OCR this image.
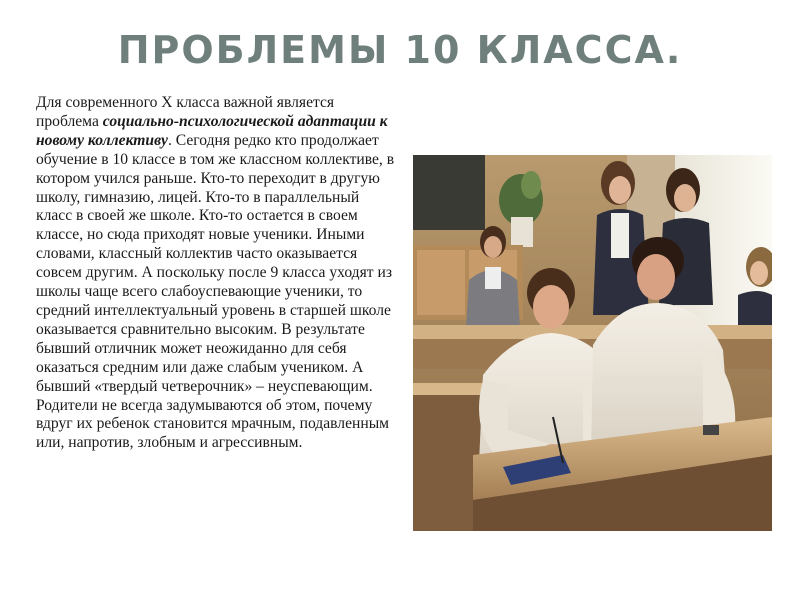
ПРОБЛЕМЫ 10 КЛАССА.

Для современного Х класса важной является проблема социально-психологической адаптации к новому коллективу. Сегодня редко кто продолжает обучение в 10 классе в том же классном коллективе, в котором учился раньше. Кто-то переходит в другую школу, гимназию, лицей. Кто-то в параллельный класс в своей же школе. Кто-то остается в своем классе, но сюда приходят новые ученики. Иными словами, классный коллектив часто оказывается совсем другим. А поскольку после 9 класса уходят из школы чаще всего слабоуспевающие ученики, то средний интеллектуальный уровень в старшей школе оказывается сравнительно высоким. В результате бывший отличник может неожиданно для себя оказаться средним или даже слабым учеником. А бывший «твердый четверочник» – неуспевающим. Родители не всегда задумываются об этом, почему вдруг их ребенок становится мрачным, подавленным или, напротив, злобным и агрессивным.
